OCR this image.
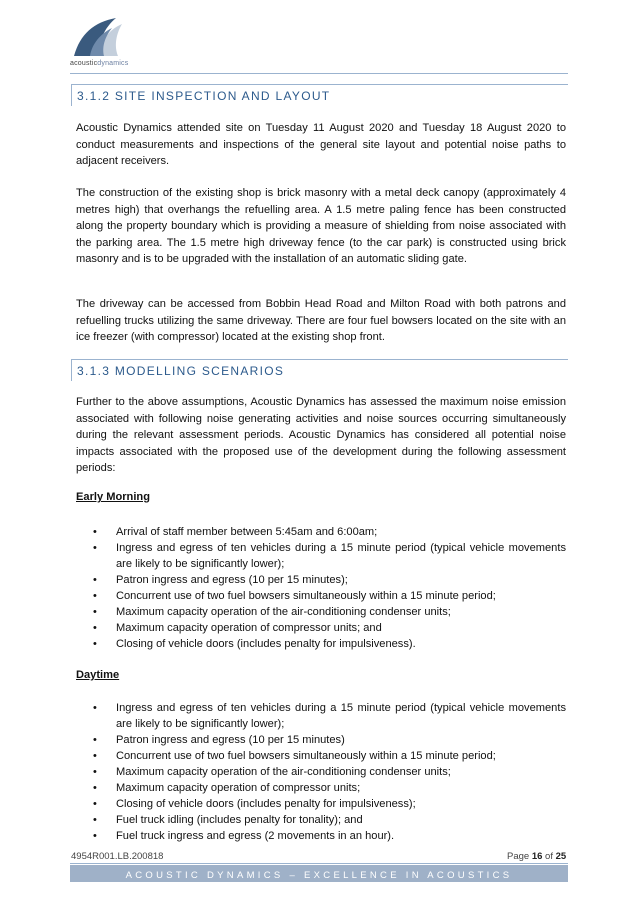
acousticdynamics
3.1.2 SITE INSPECTION AND LAYOUT

Acoustic Dynamics attended site on Tuesday 11 August 2020 and Tuesday 18 August 2020 to conduct measurements and inspections of the general site layout and potential noise paths to adjacent receivers.

The construction of the existing shop is brick masonry with a metal deck canopy (approximately 4 metres high) that overhangs the refuelling area. A 1.5 metre paling fence has been constructed along the property boundary which is providing a measure of shielding from noise associated with the parking area. The 1.5 metre high driveway fence (to the car park) is constructed using brick masonry and is to be upgraded with the installation of an automatic sliding gate.

The driveway can be accessed from Bobbin Head Road and Milton Road with both patrons and refuelling trucks utilizing the same driveway. There are four fuel bowsers located on the site with an ice freezer (with compressor) located at the existing shop front.

3.1.3 MODELLING SCENARIOS

Further to the above assumptions, Acoustic Dynamics has assessed the maximum noise emission associated with following noise generating activities and noise sources occurring simultaneously during the relevant assessment periods. Acoustic Dynamics has considered all potential noise impacts associated with the proposed use of the development during the following assessment periods:

Early Morning

• Arrival of staff member between 5:45am and 6:00am;
• Ingress and egress of ten vehicles during a 15 minute period (typical vehicle movements are likely to be significantly lower);
• Patron ingress and egress (10 per 15 minutes);
• Concurrent use of two fuel bowsers simultaneously within a 15 minute period;
• Maximum capacity operation of the air-conditioning condenser units;
• Maximum capacity operation of compressor units; and
• Closing of vehicle doors (includes penalty for impulsiveness).

Daytime

• Ingress and egress of ten vehicles during a 15 minute period (typical vehicle movements are likely to be significantly lower);
• Patron ingress and egress (10 per 15 minutes)
• Concurrent use of two fuel bowsers simultaneously within a 15 minute period;
• Maximum capacity operation of the air-conditioning condenser units;
• Maximum capacity operation of compressor units;
• Closing of vehicle doors (includes penalty for impulsiveness);
• Fuel truck idling (includes penalty for tonality); and
• Fuel truck ingress and egress (2 movements in an hour).
4954R001.LB.200818	Page 16 of 25
ACOUSTIC DYNAMICS – EXCELLENCE IN ACOUSTICS
